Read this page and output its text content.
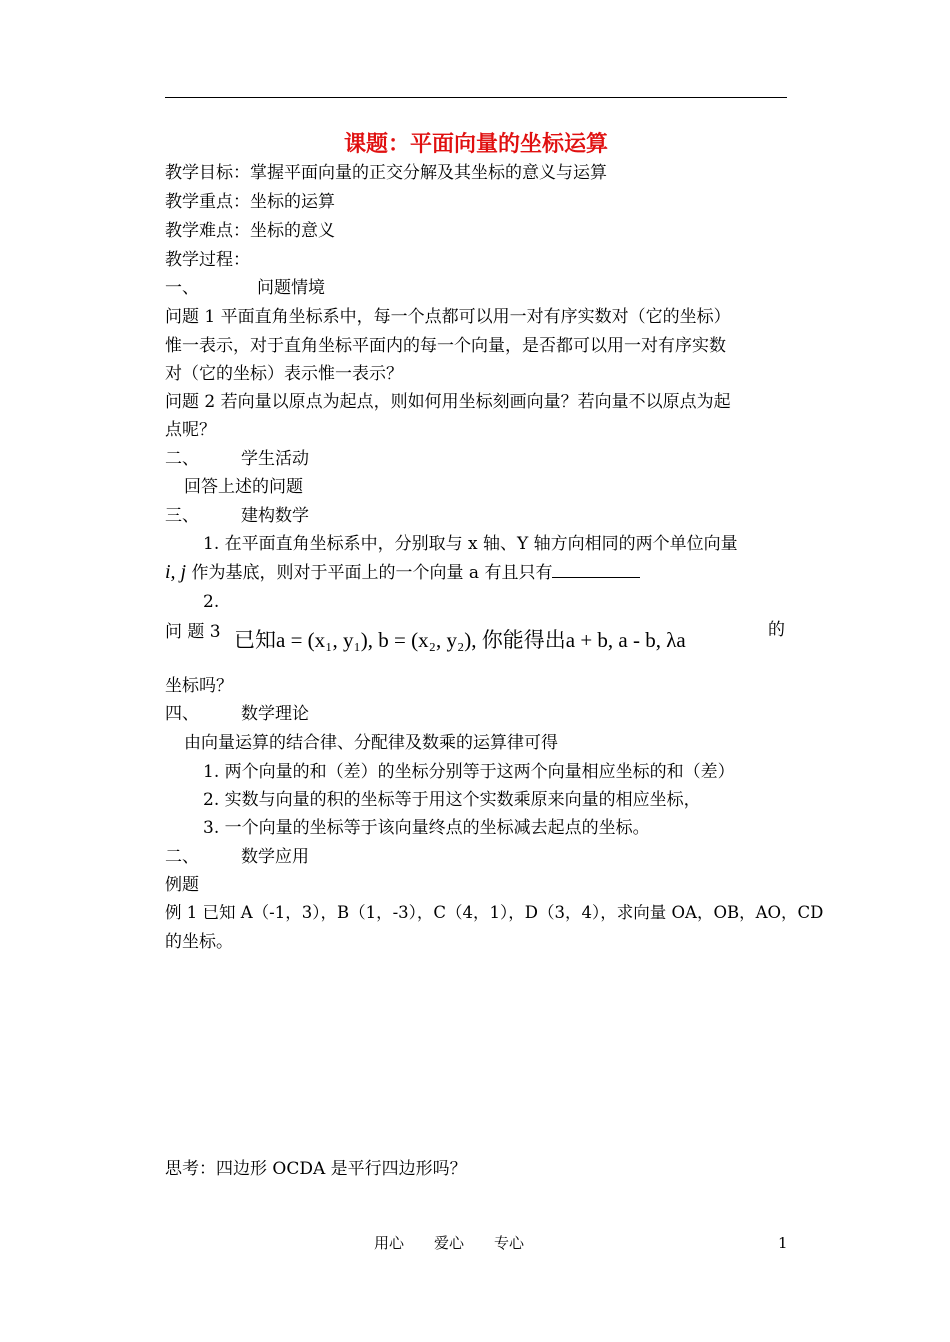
课题：平面向量的坐标运算
教学目标：掌握平面向量的正交分解及其坐标的意义与运算
教学重点：坐标的运算
教学难点：坐标的意义
教学过程：
一、	问题情境
问题 1 平面直角坐标系中，每一个点都可以用一对有序实数对（它的坐标）
惟一表示，对于直角坐标平面内的每一个向量，是否都可以用一对有序实数
对（它的坐标）表示惟一表示？
问题 2 若向量以原点为起点，则如何用坐标刻画向量？若向量不以原点为起
点呢？
二、 学生活动
回答上述的问题
三、 建构数学
1. 在平面直角坐标系中，分别取与 x 轴、Y 轴方向相同的两个单位向量
i, j 作为基底，则对于平面上的一个向量 a 有且只有
2.
问 题 3 已知a = (x₁, y₁), b = (x₂, y₂), 你能得出a + b, a - b, λa	的
坐标吗？
四、 数学理论
由向量运算的结合律、分配律及数乘的运算律可得
1. 两个向量的和（差）的坐标分别等于这两个向量相应坐标的和（差）
2. 实数与向量的积的坐标等于用这个实数乘原来向量的相应坐标，
3. 一个向量的坐标等于该向量终点的坐标减去起点的坐标。
二、 数学应用
例题
例 1 已知 A（-1，3），B（1，-3），C（4，1），D（3，4），求向量 OA，OB，AO，CD
的坐标。
思考：四边形 OCDA 是平行四边形吗？
用心　　爱心　　专心	1
